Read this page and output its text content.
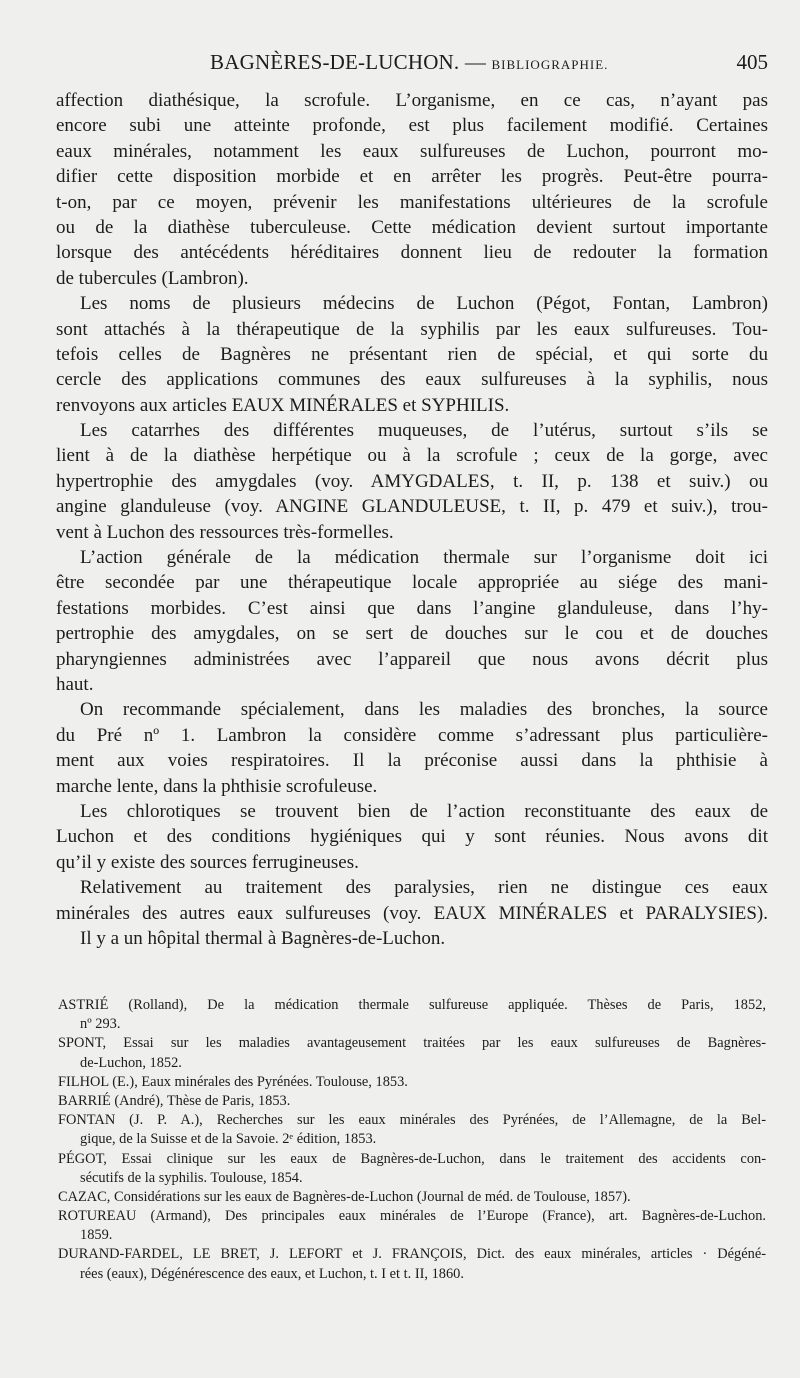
BAGNÈRES-DE-LUCHON. — BIBLIOGRAPHIE.	405
affection diathésique, la scrofule. L’organisme, en ce cas, n’ayant pas
encore subi une atteinte profonde, est plus facilement modifié. Certaines
eaux minérales, notamment les eaux sulfureuses de Luchon, pourront mo-
difier cette disposition morbide et en arrêter les progrès. Peut-être pourra-
t-on, par ce moyen, prévenir les manifestations ultérieures de la scrofule
ou de la diathèse tuberculeuse. Cette médication devient surtout importante
lorsque des antécédents héréditaires donnent lieu de redouter la formation
de tubercules (Lambron).
Les noms de plusieurs médecins de Luchon (Pégot, Fontan, Lambron)
sont attachés à la thérapeutique de la syphilis par les eaux sulfureuses. Tou-
tefois celles de Bagnères ne présentant rien de spécial, et qui sorte du
cercle des applications communes des eaux sulfureuses à la syphilis, nous
renvoyons aux articles EAUX MINÉRALES et SYPHILIS.
Les catarrhes des différentes muqueuses, de l’utérus, surtout s’ils se
lient à de la diathèse herpétique ou à la scrofule ; ceux de la gorge, avec
hypertrophie des amygdales (voy. AMYGDALES, t. II, p. 138 et suiv.) ou
angine glanduleuse (voy. ANGINE GLANDULEUSE, t. II, p. 479 et suiv.), trou-
vent à Luchon des ressources très-formelles.
L’action générale de la médication thermale sur l’organisme doit ici
être secondée par une thérapeutique locale appropriée au siége des mani-
festations morbides. C’est ainsi que dans l’angine glanduleuse, dans l’hy-
pertrophie des amygdales, on se sert de douches sur le cou et de douches
pharyngiennes administrées avec l’appareil que nous avons décrit plus
haut.
On recommande spécialement, dans les maladies des bronches, la source
du Pré nº 1. Lambron la considère comme s’adressant plus particulière-
ment aux voies respiratoires. Il la préconise aussi dans la phthisie à
marche lente, dans la phthisie scrofuleuse.
Les chlorotiques se trouvent bien de l’action reconstituante des eaux de
Luchon et des conditions hygiéniques qui y sont réunies. Nous avons dit
qu’il y existe des sources ferrugineuses.
Relativement au traitement des paralysies, rien ne distingue ces eaux
minérales des autres eaux sulfureuses (voy. EAUX MINÉRALES et PARALYSIES).
Il y a un hôpital thermal à Bagnères-de-Luchon.
ASTRIÉ (Rolland), De la médication thermale sulfureuse appliquée. Thèses de Paris, 1852,
nº 293.
SPONT, Essai sur les maladies avantageusement traitées par les eaux sulfureuses de Bagnères-
de-Luchon, 1852.
FILHOL (E.), Eaux minérales des Pyrénées. Toulouse, 1853.
BARRIÉ (André), Thèse de Paris, 1853.
FONTAN (J. P. A.), Recherches sur les eaux minérales des Pyrénées, de l’Allemagne, de la Bel-
gique, de la Suisse et de la Savoie. 2ᵉ édition, 1853.
PÉGOT, Essai clinique sur les eaux de Bagnères-de-Luchon, dans le traitement des accidents con-
sécutifs de la syphilis. Toulouse, 1854.
CAZAC, Considérations sur les eaux de Bagnères-de-Luchon (Journal de méd. de Toulouse, 1857).
ROTUREAU (Armand), Des principales eaux minérales de l’Europe (France), art. Bagnères-de-Luchon.
1859.
DURAND-FARDEL, LE BRET, J. LEFORT et J. FRANÇOIS, Dict. des eaux minérales, articles · Dégéné-
rées (eaux), Dégénérescence des eaux, et Luchon, t. I et t. II, 1860.
